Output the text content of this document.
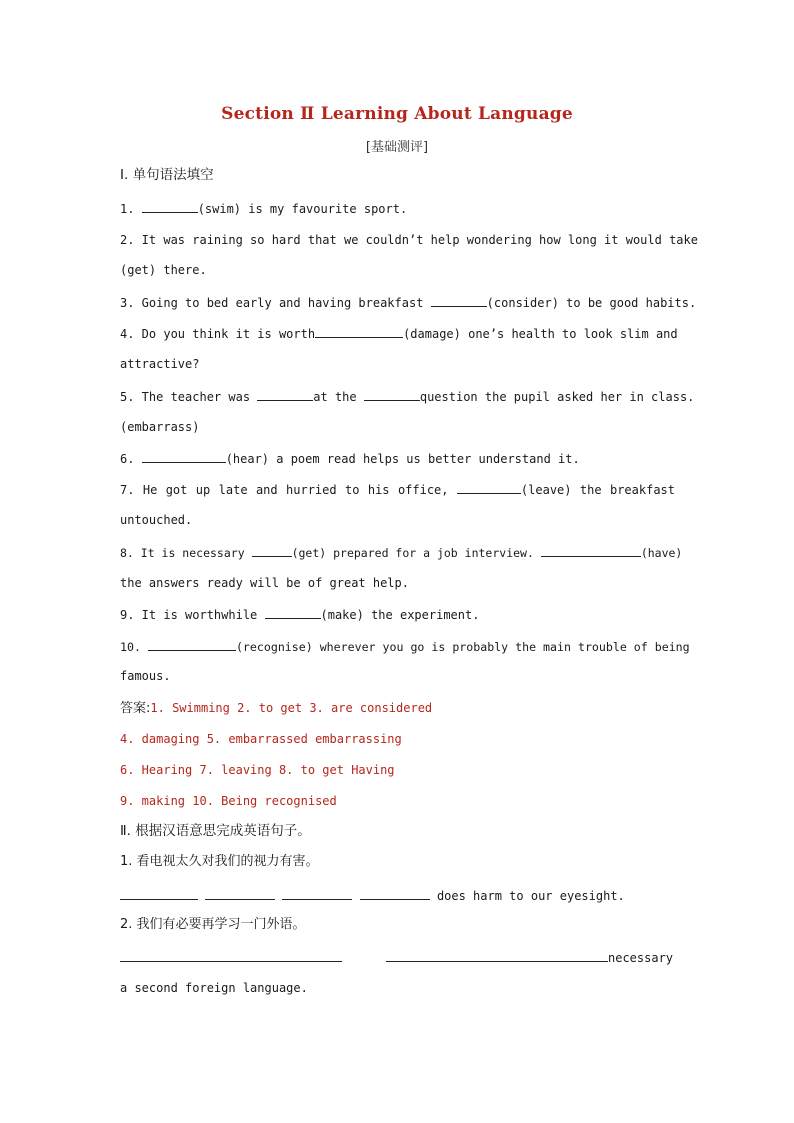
Section Ⅱ Learning About Language
[基础测评]
Ⅰ. 单句语法填空
1.	(swim) is my favourite sport.
2. It was raining so hard that we couldn’t help wondering how long it would take
(get) there.
3. Going to bed early and having breakfast	(consider) to be good habits.
4. Do you think it is worth	(damage) one’s health to look slim and
attractive?
5. The teacher was	at the	question the pupil asked her in class.
(embarrass)
6.	(hear) a poem read helps us better understand it.
7. He got up late and hurried to his office,	(leave) the breakfast
untouched.
8. It is necessary	(get) prepared for a job interview.	(have)
the answers ready will be of great help.
9. It is worthwhile	(make) the experiment.
10.	(recognise) wherever you go is probably the main trouble of being
famous.
答案:1. Swimming 2. to get 3. are considered
4. damaging 5. embarrassed embarrassing
6. Hearing 7. leaving 8. to get Having
9. making 10. Being recognised
Ⅱ. 根据汉语意思完成英语句子。
1. 看电视太久对我们的视力有害。
does harm to our eyesight.
2. 我们有必要再学习一门外语。
necessary
a second foreign language.
